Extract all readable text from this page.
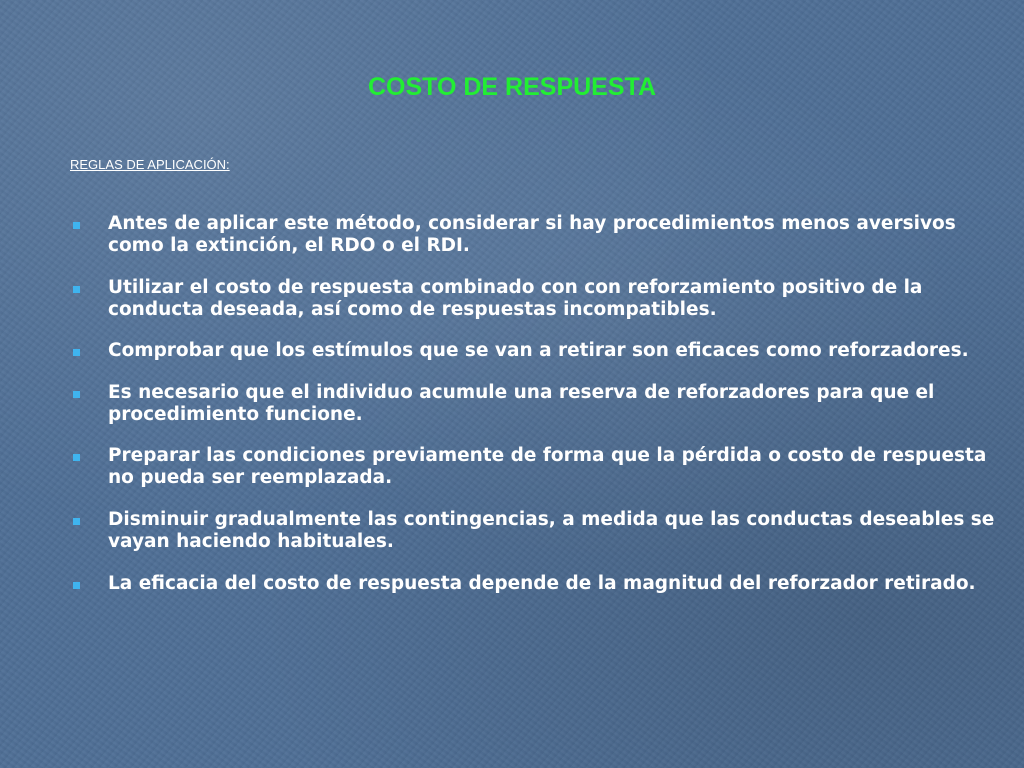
COSTO DE RESPUESTA

REGLAS DE APLICACIÓN:

Antes de aplicar este método, considerar si hay procedimientos menos aversivos como la extinción, el RDO o el RDI.
Utilizar el costo de respuesta combinado con con reforzamiento positivo de la conducta deseada, así como de respuestas incompatibles.
Comprobar que los estímulos que se van a retirar son eficaces como reforzadores.
Es necesario que el individuo acumule una reserva de reforzadores para que el procedimiento funcione.
Preparar las condiciones previamente de forma que la pérdida o costo de respuesta no pueda ser reemplazada.
Disminuir gradualmente las contingencias, a medida que las conductas deseables se vayan haciendo habituales.
La eficacia del costo de respuesta depende de la magnitud del reforzador retirado.
